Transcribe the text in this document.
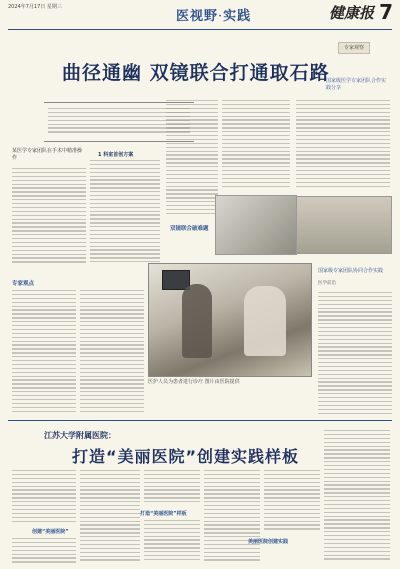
2024年7月17日 星期三
医视野·实践	健康报 7
专家观察
曲径通幽 双镜联合打通取石路
国家级医学专家团队合作实践分享
某医学专家团队在手术中精准操作	1 科室首创方案
双镜联合破难题
专家观点
医护人员为患者进行诊疗 图片由医院提供
国家级专家团队协同合作实践
医学前沿
江苏大学附属医院：
打造“美丽医院”创建实践样板
创建“美丽医院”
打造“美丽医院”样板
美丽医院创建实践
